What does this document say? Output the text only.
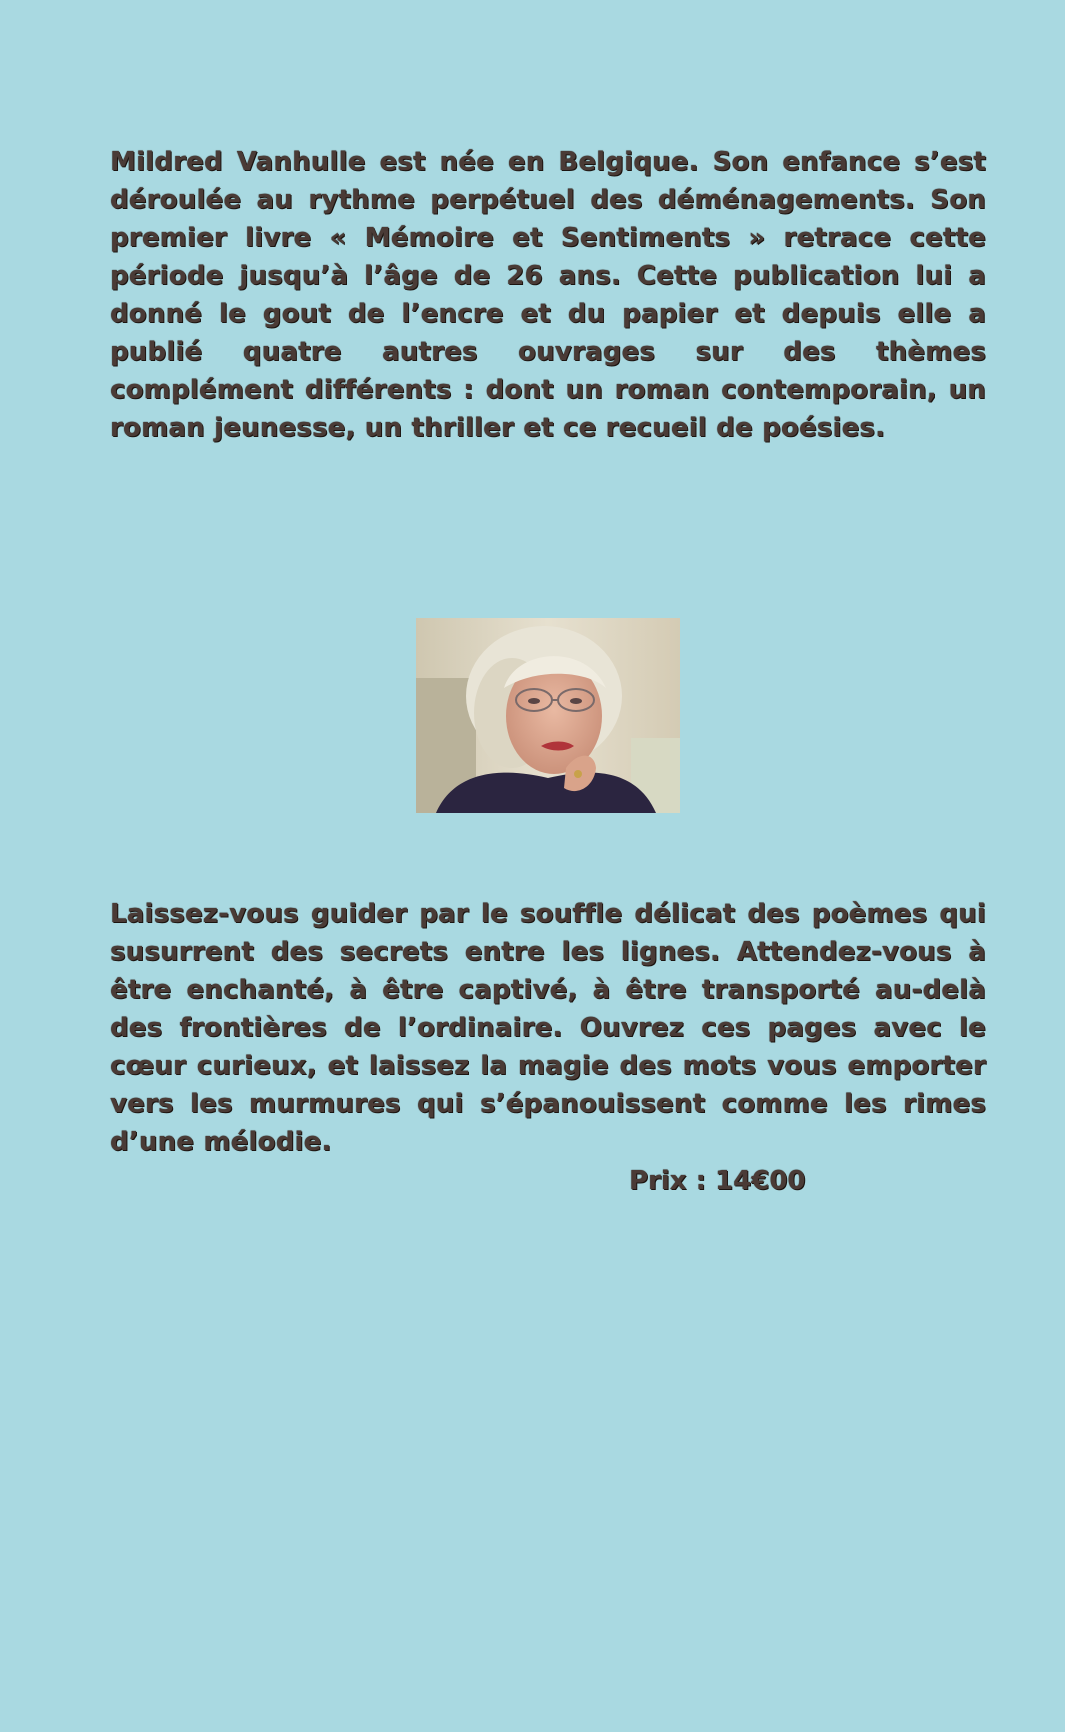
Mildred Vanhulle est née en Belgique. Son enfance s’est déroulée au rythme perpétuel des déménagements. Son premier livre « Mémoire et Sentiments » retrace cette période jusqu’à l’âge de 26 ans. Cette publication lui a donné le gout de l’encre et du papier et depuis elle a publié quatre autres ouvrages sur des thèmes complément différents : dont un roman contemporain, un roman jeunesse, un thriller et ce recueil de poésies.

Laissez-vous guider par le souffle délicat des poèmes qui susurrent des secrets entre les lignes. Attendez-vous à être enchanté, à être captivé, à être transporté au-delà des frontières de l’ordinaire. Ouvrez ces pages avec le cœur curieux, et laissez la magie des mots vous emporter vers les murmures qui s’épanouissent comme les rimes d’une mélodie.

Prix : 14€00
